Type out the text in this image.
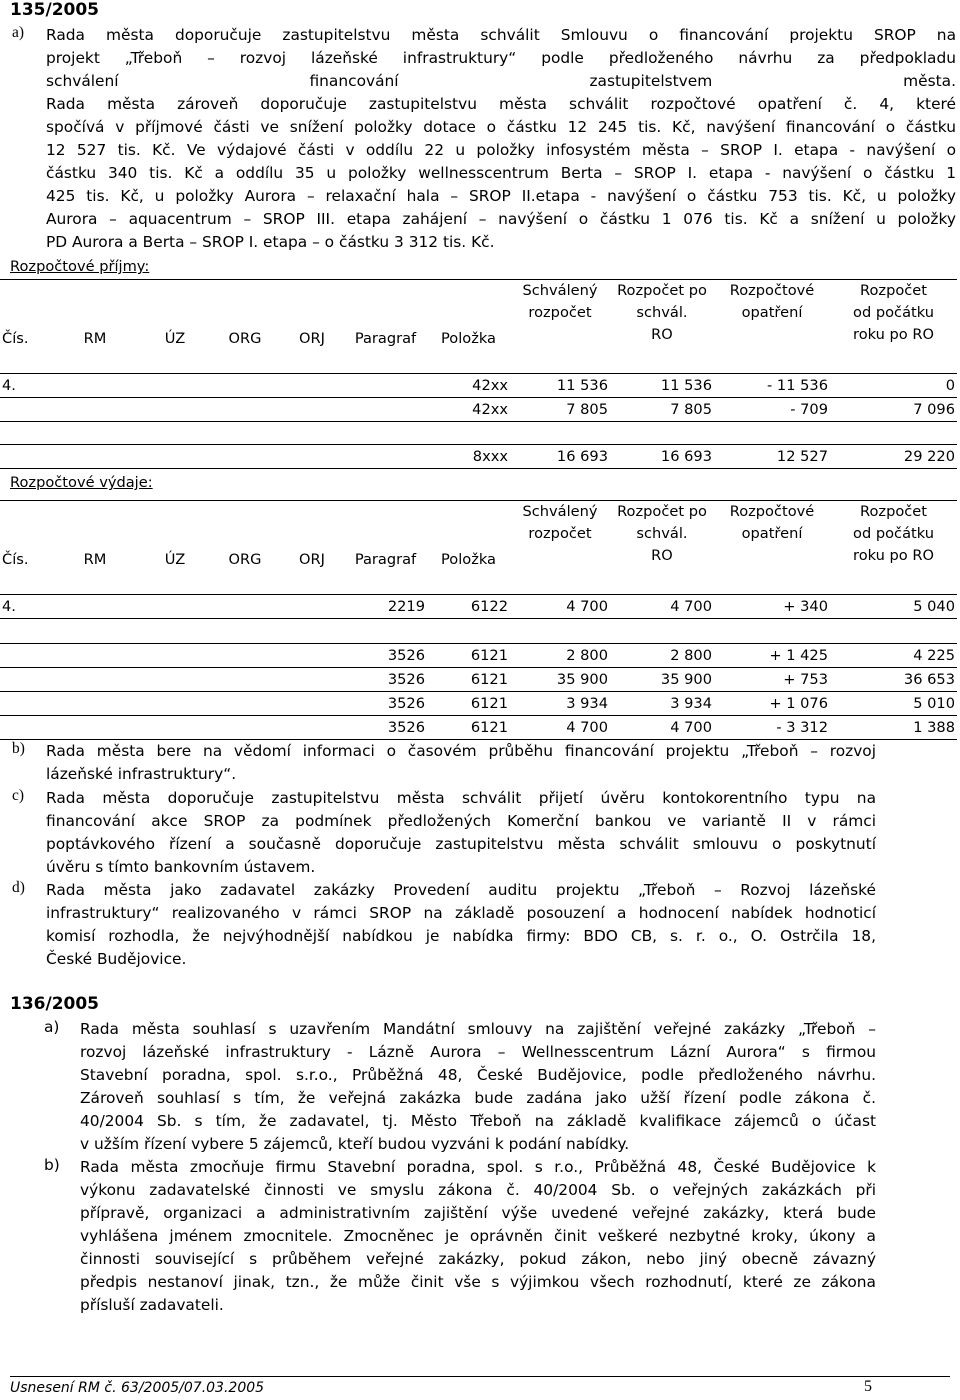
135/2005
a) Rada města doporučuje zastupitelstvu města schválit Smlouvu o financování projektu SROP na
projekt „Třeboň – rozvoj lázeňské infrastruktury“ podle předloženého návrhu za předpokladu
schválení financování zastupitelstvem města.
Rada města zároveň doporučuje zastupitelstvu města schválit rozpočtové opatření č. 4, které
spočívá v příjmové části ve snížení položky dotace o částku 12 245 tis. Kč, navýšení financování o částku
12 527 tis. Kč. Ve výdajové části v oddílu 22 u položky infosystém města – SROP I. etapa - navýšení o
částku 340 tis. Kč a oddílu 35 u položky wellnesscentrum Berta – SROP I. etapa - navýšení o částku 1
425 tis. Kč, u položky Aurora – relaxační hala – SROP II.etapa - navýšení o částku 753 tis. Kč, u položky
Aurora – aquacentrum – SROP III. etapa zahájení – navýšení o částku 1 076 tis. Kč a snížení u položky
PD Aurora a Berta – SROP I. etapa – o částku 3 312 tis. Kč.
Rozpočtové příjmy:
Čís.	RM	ÚZ	ORG	ORJ	Paragraf	Položka	Schválený
rozpočet	Rozpočet po
schvál.
RO	Rozpočtové
opatření	Rozpočet
od počátku
roku po RO
4.						42xx	11 536	11 536	- 11 536	0
						42xx	7 805	7 805	- 709	7 096

						8xxx	16 693	16 693	12 527	29 220
Rozpočtové výdaje:
Čís.	RM	ÚZ	ORG	ORJ	Paragraf	Položka	Schválený
rozpočet	Rozpočet po
schvál.
RO	Rozpočtové
opatření	Rozpočet
od počátku
roku po RO
4.					2219	6122	4 700	4 700	+ 340	5 040

					3526	6121	2 800	2 800	+ 1 425	4 225
					3526	6121	35 900	35 900	+ 753	36 653
					3526	6121	3 934	3 934	+ 1 076	5 010
					3526	6121	4 700	4 700	- 3 312	1 388
b) Rada města bere na vědomí informaci o časovém průběhu financování projektu „Třeboň – rozvoj
lázeňské infrastruktury“.
c) Rada města doporučuje zastupitelstvu města schválit přijetí úvěru kontokorentního typu na
financování akce SROP za podmínek předložených Komerční bankou ve variantě II v rámci
poptávkového řízení a současně doporučuje zastupitelstvu města schválit smlouvu o poskytnutí
úvěru s tímto bankovním ústavem.
d) Rada města jako zadavatel zakázky Provedení auditu projektu „Třeboň – Rozvoj lázeňské
infrastruktury“ realizovaného v rámci SROP na základě posouzení a hodnocení nabídek hodnoticí
komisí rozhodla, že nejvýhodnější nabídkou je nabídka firmy: BDO CB, s. r. o., O. Ostrčila 18,
České Budějovice.
136/2005
a) Rada města souhlasí s uzavřením Mandátní smlouvy na zajištění veřejné zakázky „Třeboň –
rozvoj lázeňské infrastruktury - Lázně Aurora – Wellnesscentrum Lázní Aurora“ s firmou
Stavební poradna, spol. s.r.o., Průběžná 48, České Budějovice, podle předloženého návrhu.
Zároveň souhlasí s tím, že veřejná zakázka bude zadána jako užší řízení podle zákona č.
40/2004 Sb. s tím, že zadavatel, tj. Město Třeboň na základě kvalifikace zájemců o účast
v užším řízení vybere 5 zájemců, kteří budou vyzváni k podání nabídky.
b) Rada města zmocňuje firmu Stavební poradna, spol. s r.o., Průběžná 48, České Budějovice k
výkonu zadavatelské činnosti ve smyslu zákona č. 40/2004 Sb. o veřejných zakázkách při
přípravě, organizaci a administrativním zajištění výše uvedené veřejné zakázky, která bude
vyhlášena jménem zmocnitele. Zmocněnec je oprávněn činit veškeré nezbytné kroky, úkony a
činnosti související s průběhem veřejné zakázky, pokud zákon, nebo jiný obecně závazný
předpis nestanoví jinak, tzn., že může činit vše s výjimkou všech rozhodnutí, které ze zákona
přísluší zadavateli.
Usnesení RM č. 63/2005/07.03.2005	5
